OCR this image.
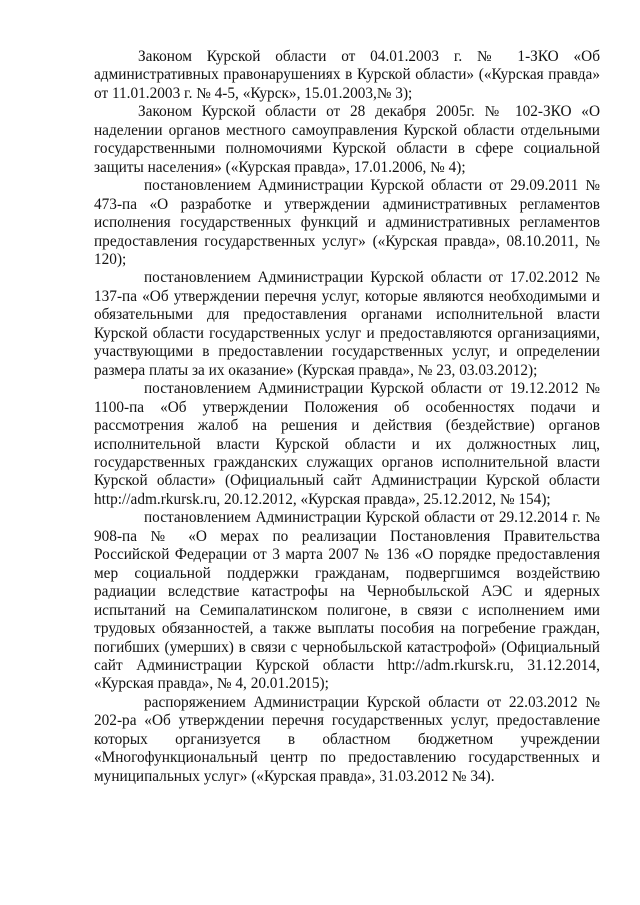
Законом Курской области от 04.01.2003 г. № 1-ЗКО «Об административных правонарушениях в Курской области» («Курская правда» от 11.01.2003 г. № 4-5, «Курск», 15.01.2003,№ 3);

Законом Курской области от 28 декабря 2005г. № 102-ЗКО «О наделении органов местного самоуправления Курской области отдельными государственными полномочиями Курской области в сфере социальной защиты населения» («Курская правда», 17.01.2006, № 4);

постановлением Администрации Курской области от 29.09.2011 № 473-па «О разработке и утверждении административных регламентов исполнения государственных функций и административных регламентов предоставления государственных услуг» («Курская правда», 08.10.2011, № 120);

постановлением Администрации Курской области от 17.02.2012 № 137-па «Об утверждении перечня услуг, которые являются необходимыми и обязательными для предоставления органами исполнительной власти Курской области государственных услуг и предоставляются организациями, участвующими в предоставлении государственных услуг, и определении размера платы за их оказание» (Курская правда», № 23, 03.03.2012);

постановлением Администрации Курской области от 19.12.2012 № 1100-па «Об утверждении Положения об особенностях подачи и рассмотрения жалоб на решения и действия (бездействие) органов исполнительной власти Курской области и их должностных лиц, государственных гражданских служащих органов исполнительной власти Курской области» (Официальный сайт Администрации Курской области http://adm.rkursk.ru, 20.12.2012, «Курская правда», 25.12.2012, № 154);

постановлением Администрации Курской области от 29.12.2014 г. № 908-па № «О мерах по реализации Постановления Правительства Российской Федерации от 3 марта 2007 № 136 «О порядке предоставления мер социальной поддержки гражданам, подвергшимся воздействию радиации вследствие катастрофы на Чернобыльской АЭС и ядерных испытаний на Семипалатинском полигоне, в связи с исполнением ими трудовых обязанностей, а также выплаты пособия на погребение граждан, погибших (умерших) в связи с чернобыльской катастрофой» (Официальный сайт Администрации Курской области http://adm.rkursk.ru, 31.12.2014, «Курская правда», № 4, 20.01.2015);

распоряжением Администрации Курской области от 22.03.2012 № 202-ра «Об утверждении перечня государственных услуг, предоставление которых организуется в областном бюджетном учреждении «Многофункциональный центр по предоставлению государственных и муниципальных услуг» («Курская правда», 31.03.2012 № 34).
